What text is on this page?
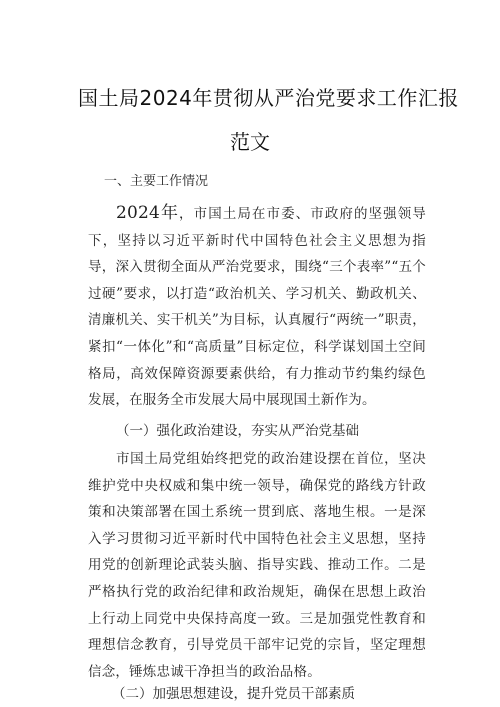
国土局2024年贯彻从严治党要求工作汇报
范文
一、主要工作情况
2024年，市国土局在市委、市政府的坚强领导下，坚持以习近平新时代中国特色社会主义思想为指导，深入贯彻全面从严治党要求，围绕“三个表率”“五个过硬”要求，以打造“政治机关、学习机关、勤政机关、清廉机关、实干机关”为目标，认真履行“两统一”职责，紧扣“一体化”和“高质量”目标定位，科学谋划国土空间格局，高效保障资源要素供给，有力推动节约集约绿色发展，在服务全市发展大局中展现国土新作为。
（一）强化政治建设，夯实从严治党基础
市国土局党组始终把党的政治建设摆在首位，坚决维护党中央权威和集中统一领导，确保党的路线方针政策和决策部署在国土系统一贯到底、落地生根。一是深入学习贯彻习近平新时代中国特色社会主义思想，坚持用党的创新理论武装头脑、指导实践、推动工作。二是严格执行党的政治纪律和政治规矩，确保在思想上政治上行动上同党中央保持高度一致。三是加强党性教育和理想信念教育，引导党员干部牢记党的宗旨，坚定理想信念，锤炼忠诚干净担当的政治品格。
（二）加强思想建设，提升党员干部素质
